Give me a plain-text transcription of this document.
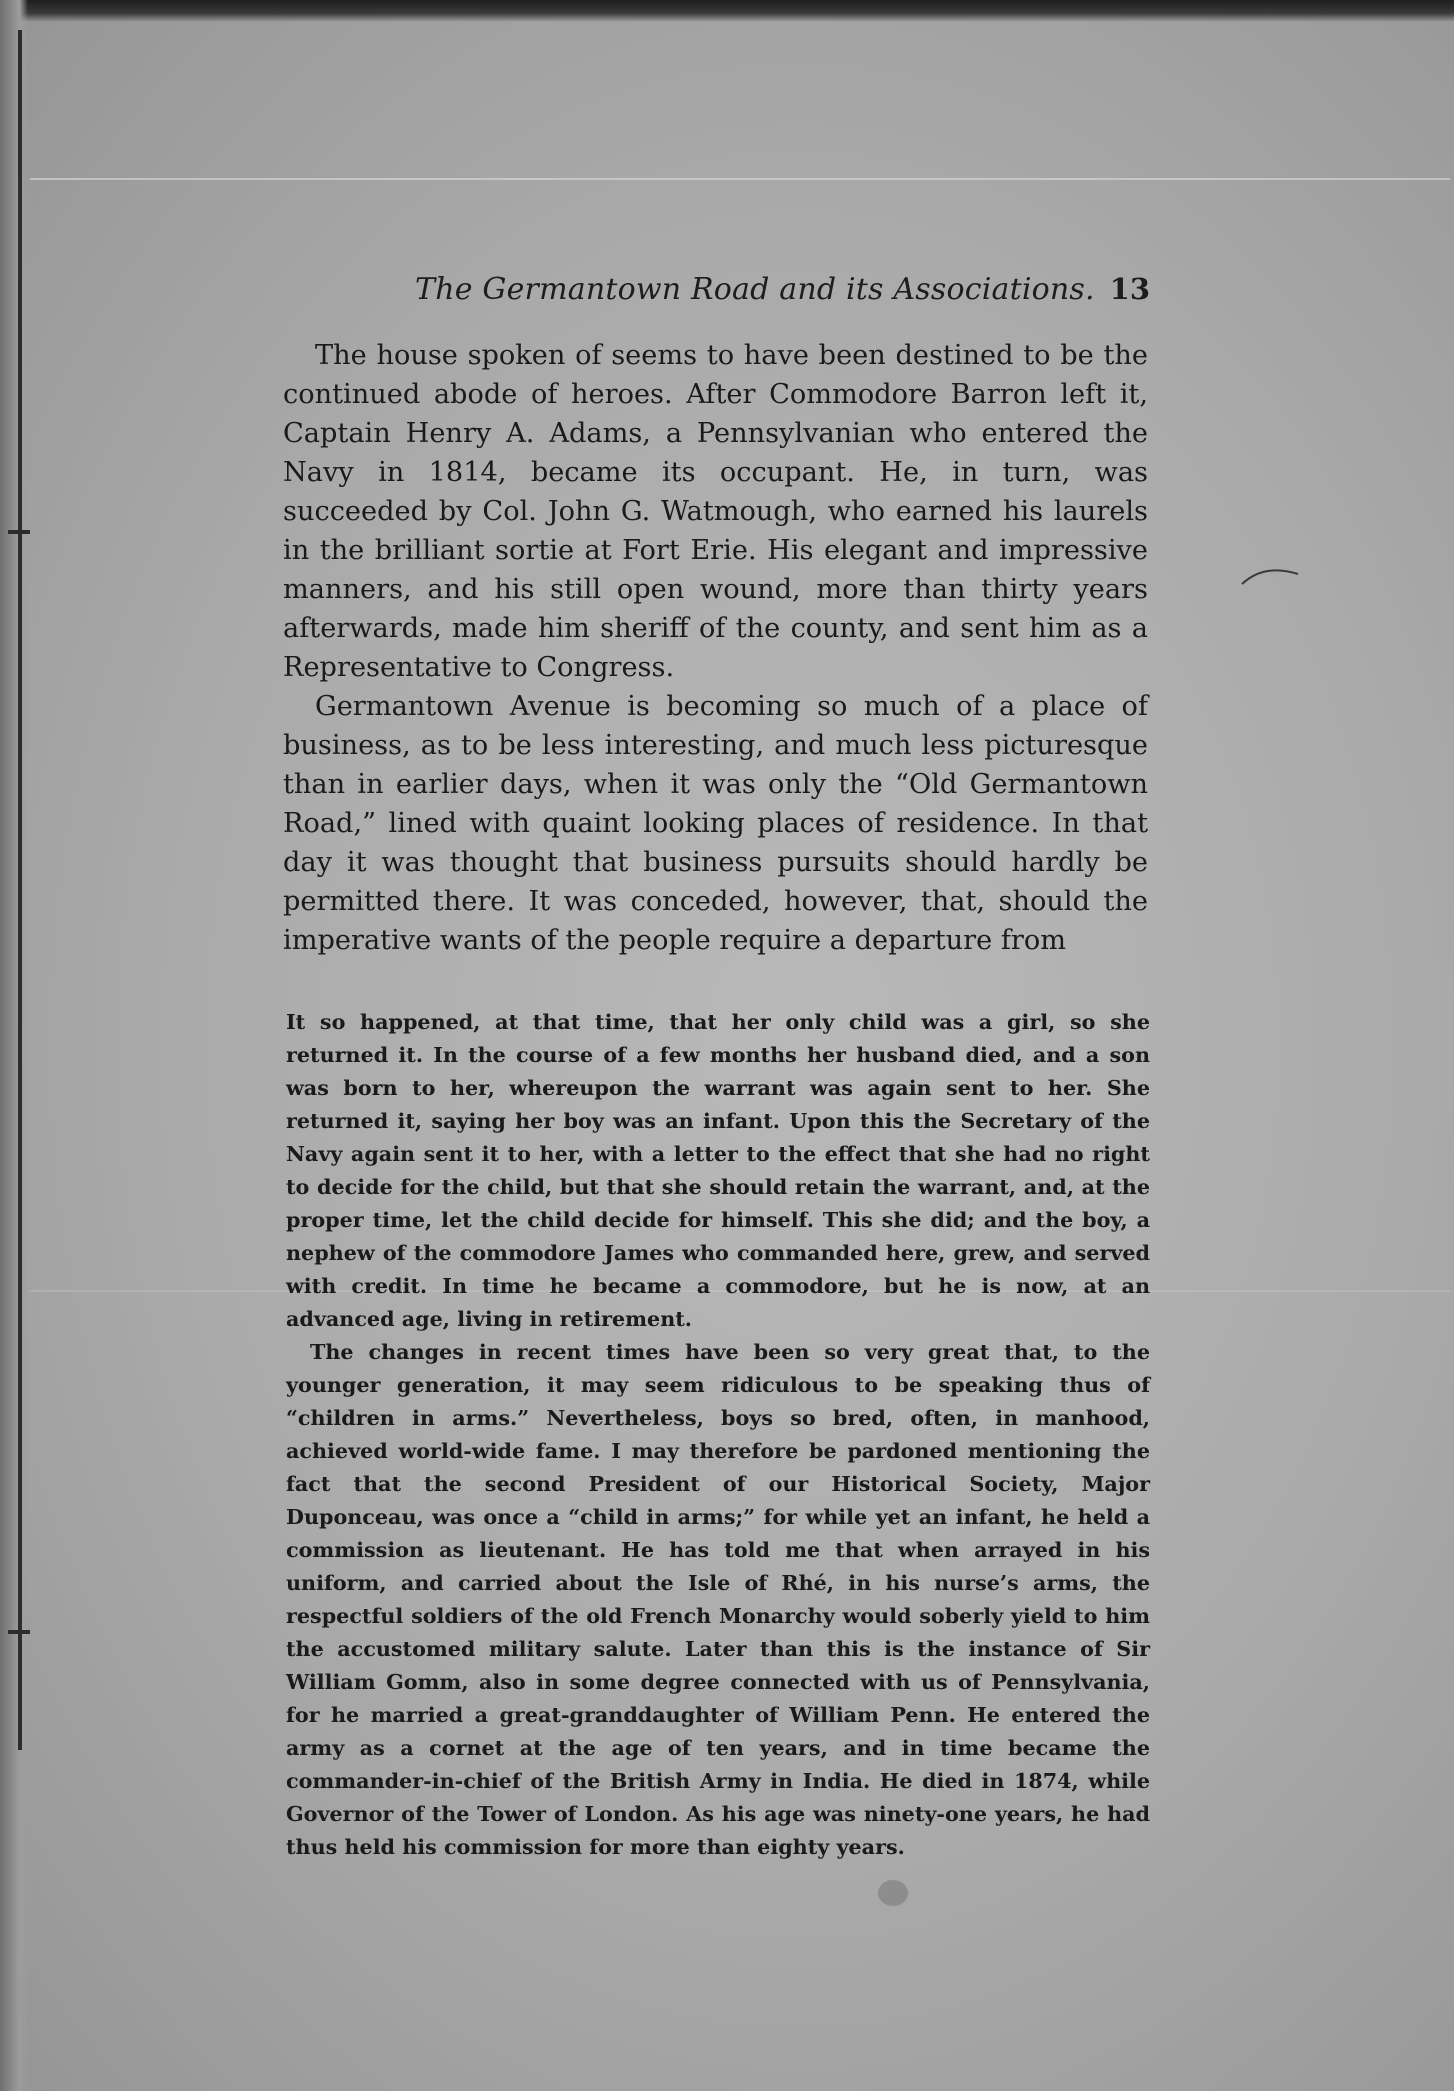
The Germantown Road and its Associations. 13

The house spoken of seems to have been destined to be the continued abode of heroes. After Commodore Barron left it, Captain Henry A. Adams, a Pennsylvanian who entered the Navy in 1814, became its occupant. He, in turn, was succeeded by Col. John G. Watmough, who earned his laurels in the brilliant sortie at Fort Erie. His elegant and impressive manners, and his still open wound, more than thirty years afterwards, made him sheriff of the county, and sent him as a Representative to Congress.

Germantown Avenue is becoming so much of a place of business, as to be less interesting, and much less picturesque than in earlier days, when it was only the “Old Germantown Road,” lined with quaint looking places of residence. In that day it was thought that business pursuits should hardly be permitted there. It was conceded, however, that, should the imperative wants of the people require a departure from

It so happened, at that time, that her only child was a girl, so she returned it. In the course of a few months her husband died, and a son was born to her, whereupon the warrant was again sent to her. She returned it, saying her boy was an infant. Upon this the Secretary of the Navy again sent it to her, with a letter to the effect that she had no right to decide for the child, but that she should retain the warrant, and, at the proper time, let the child decide for himself. This she did; and the boy, a nephew of the commodore James who commanded here, grew, and served with credit. In time he became a commodore, but he is now, at an advanced age, living in retirement.

The changes in recent times have been so very great that, to the younger generation, it may seem ridiculous to be speaking thus of “children in arms.” Nevertheless, boys so bred, often, in manhood, achieved world-wide fame. I may therefore be pardoned mentioning the fact that the second President of our Historical Society, Major Duponceau, was once a “child in arms;” for while yet an infant, he held a commission as lieutenant. He has told me that when arrayed in his uniform, and carried about the Isle of Rhé, in his nurse’s arms, the respectful soldiers of the old French Monarchy would soberly yield to him the accustomed military salute. Later than this is the instance of Sir William Gomm, also in some degree connected with us of Pennsylvania, for he married a great-granddaughter of William Penn. He entered the army as a cornet at the age of ten years, and in time became the commander-in-chief of the British Army in India. He died in 1874, while Governor of the Tower of London. As his age was ninety-one years, he had thus held his commission for more than eighty years.
